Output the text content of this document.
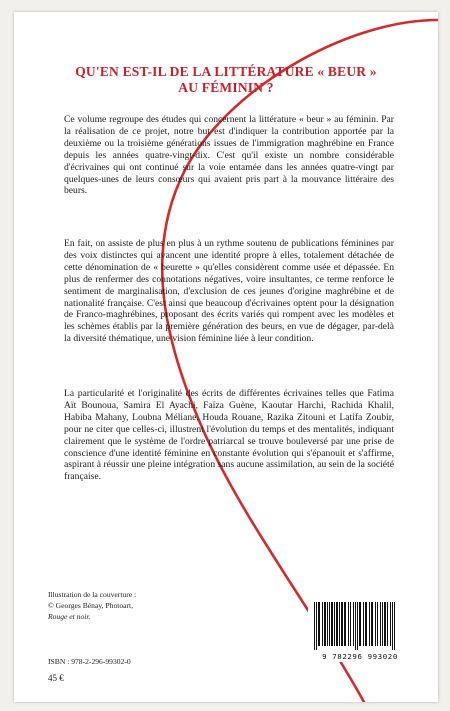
QU'EN EST-IL DE LA LITTÉRATURE « BEUR »
AU FÉMININ ?

Ce volume regroupe des études qui concernent la littérature « beur » au féminin. Par la réalisation de ce projet, notre but est d'indiquer la contribution apportée par la deuxième ou la troisième générations issues de l'immigration maghrébine en France depuis les années quatre-vingt-dix. C'est qu'il existe un nombre considérable d'écrivaines qui ont continué sur la voie entamée dans les années quatre-vingt par quelques-unes de leurs consœurs qui avaient pris part à la mouvance littéraire des beurs.

En fait, on assiste de plus en plus à un rythme soutenu de publications féminines par des voix distinctes qui avancent une identité propre à elles, totalement détachée de cette dénomination de « beurette » qu'elles considèrent comme usée et dépassée. En plus de renfermer des connotations négatives, voire insultantes, ce terme renforce le sentiment de marginalisation, d'exclusion de ces jeunes d'origine maghrébine et de nationalité française. C'est ainsi que beaucoup d'écrivaines optent pour la désignation de Franco-maghrébines, proposant des écrits variés qui rompent avec les modèles et les schèmes établis par la première génération des beurs, en vue de dégager, par-delà la diversité thématique, une vision féminine liée à leur condition.

La particularité et l'originalité des écrits de différentes écrivaines telles que Fatima Aït Bounoua, Samira El Ayachi, Faïza Guène, Kaoutar Harchi, Rachida Khalil, Habiba Mahany, Loubna Méliane, Houda Rouane, Razika Zitouni et Latifa Zoubir, pour ne citer que celles-ci, illustrent l'évolution du temps et des mentalités, indiquant clairement que le système de l'ordre patriarcal se trouve bouleversé par une prise de conscience d'une identité féminine en constante évolution qui s'épanouit et s'affirme, aspirant à réussir une pleine intégration sans aucune assimilation, au sein de la société française.

Illustration de la couverture :
© Georges Bénay, Photoart,
Rouge et noir.
ISBN : 978-2-296-99302-0
45 €
9 782296 993020
